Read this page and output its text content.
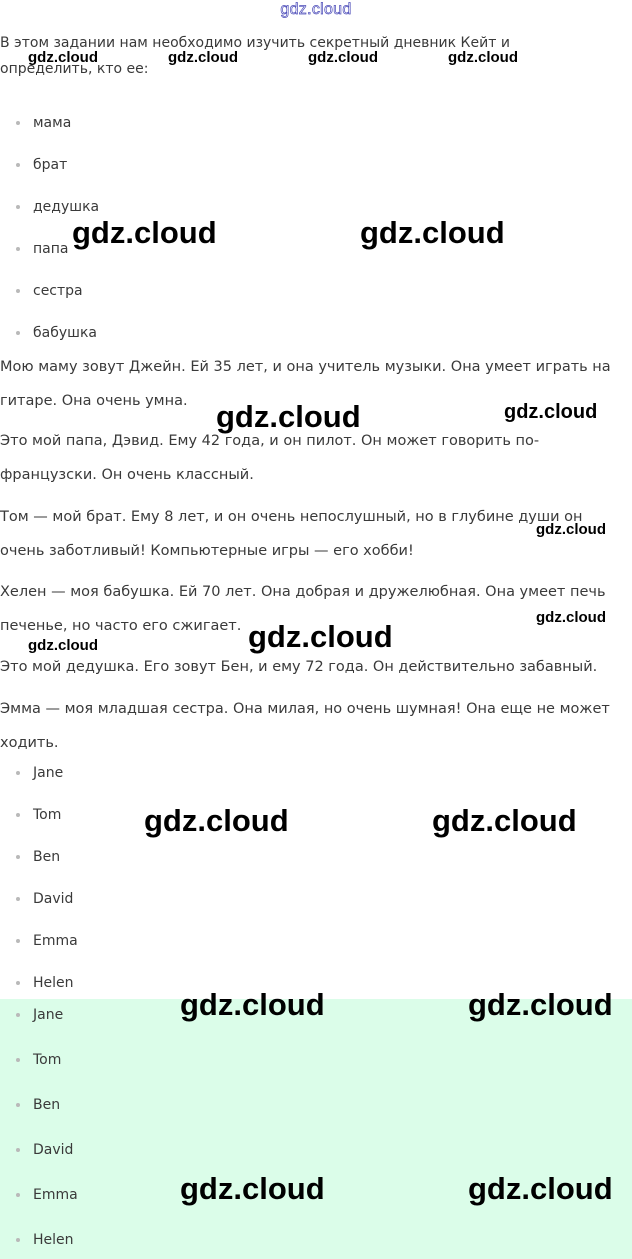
gdz.cloud
В этом задании нам необходимо изучить секретный дневник Кейт и определить, кто ее:
мама
брат
дедушка
папа
сестра
бабушка
Мою маму зовут Джейн. Ей 35 лет, и она учитель музыки. Она умеет играть на гитаре. Она очень умна.
Это мой папа, Дэвид. Ему 42 года, и он пилот. Он может говорить по-французски. Он очень классный.
Том — мой брат. Ему 8 лет, и он очень непослушный, но в глубине души он очень заботливый! Компьютерные игры — его хобби!
Хелен — моя бабушка. Ей 70 лет. Она добрая и дружелюбная. Она умеет печь печенье, но часто его сжигает.
Это мой дедушка. Его зовут Бен, и ему 72 года. Он действительно забавный.
Эмма — моя младшая сестра. Она милая, но очень шумная! Она еще не может ходить.
Jane
Tom
Ben
David
Emma
Helen
Jane
Tom
Ben
David
Emma
Helen
gdz.cloud	gdz.cloud	gdz.cloud	gdz.cloud
gdz.cloud	gdz.cloud
gdz.cloud	gdz.cloud
gdz.cloud
gdz.cloud
gdz.cloud
gdz.cloud
gdz.cloud	gdz.cloud
gdz.cloud	gdz.cloud
gdz.cloud	gdz.cloud
